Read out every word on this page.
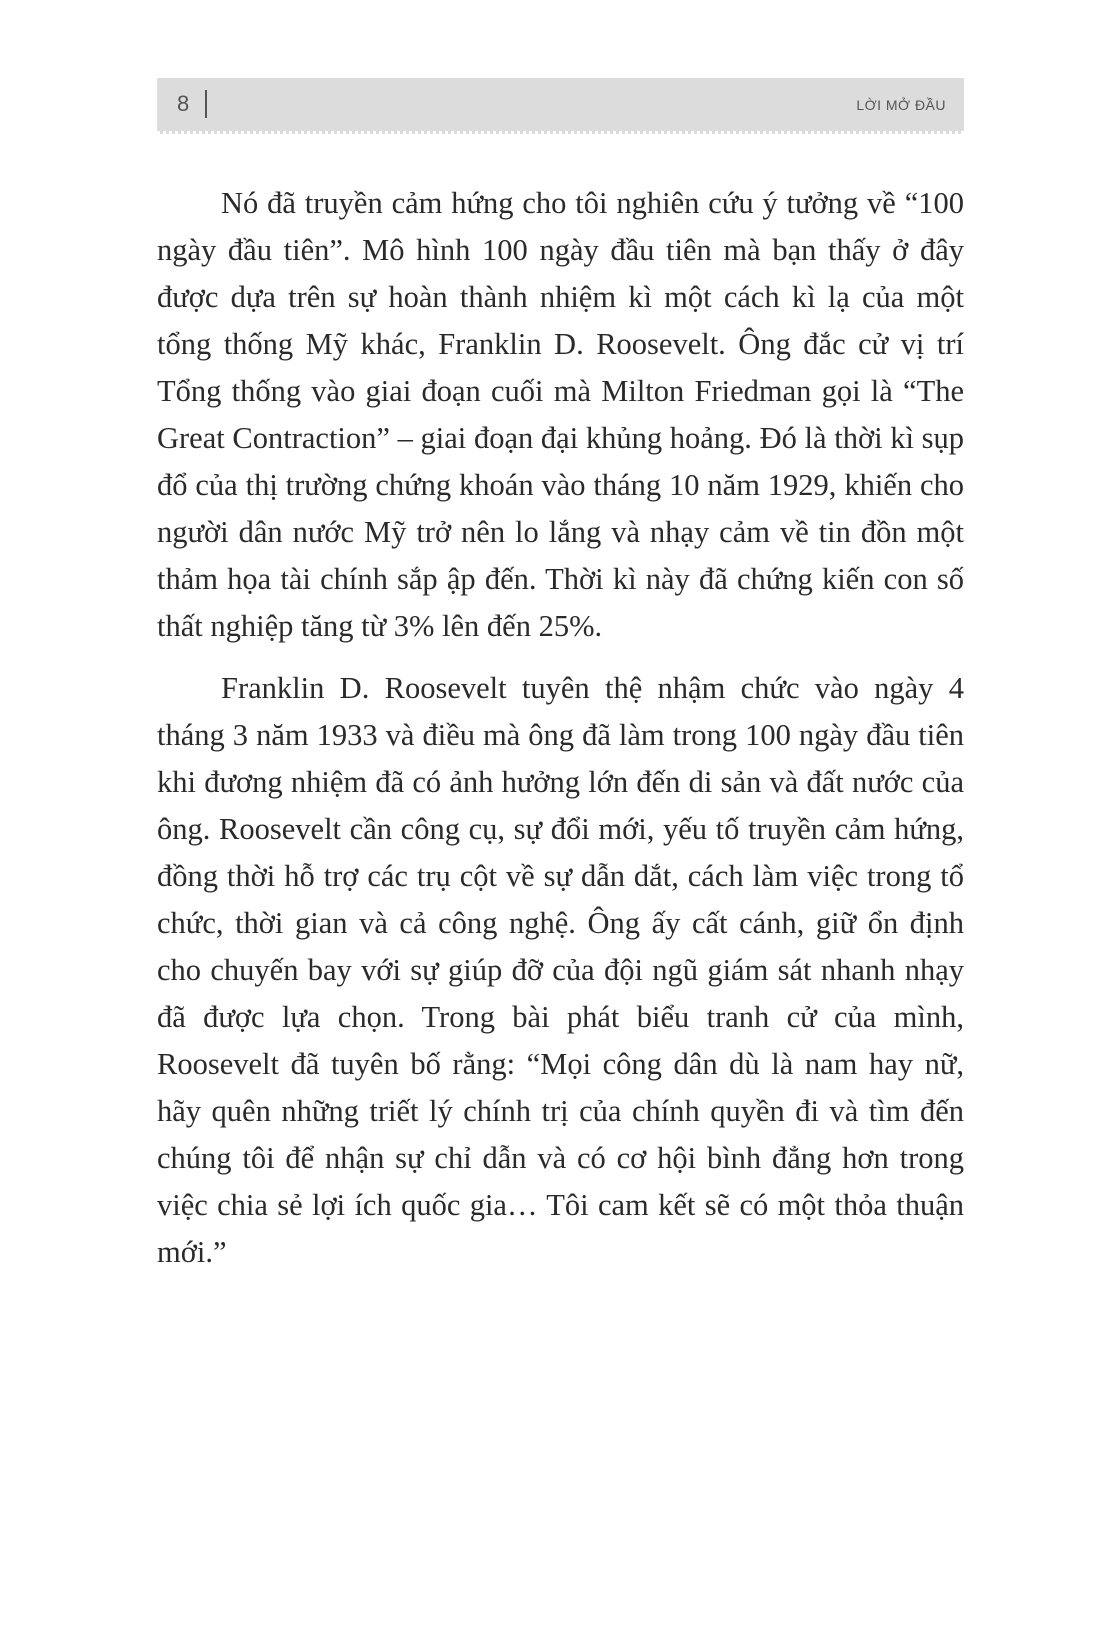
8	LỜI MỞ ĐẦU

Nó đã truyền cảm hứng cho tôi nghiên cứu ý tưởng về “100 ngày đầu tiên”. Mô hình 100 ngày đầu tiên mà bạn thấy ở đây được dựa trên sự hoàn thành nhiệm kì một cách kì lạ của một tổng thống Mỹ khác, Franklin D. Roosevelt. Ông đắc cử vị trí Tổng thống vào giai đoạn cuối mà Milton Friedman gọi là “The Great Contraction” – giai đoạn đại khủng hoảng. Đó là thời kì sụp đổ của thị trường chứng khoán vào tháng 10 năm 1929, khiến cho người dân nước Mỹ trở nên lo lắng và nhạy cảm về tin đồn một thảm họa tài chính sắp ập đến. Thời kì này đã chứng kiến con số thất nghiệp tăng từ 3% lên đến 25%.

Franklin D. Roosevelt tuyên thệ nhậm chức vào ngày 4 tháng 3 năm 1933 và điều mà ông đã làm trong 100 ngày đầu tiên khi đương nhiệm đã có ảnh hưởng lớn đến di sản và đất nước của ông. Roosevelt cần công cụ, sự đổi mới, yếu tố truyền cảm hứng, đồng thời hỗ trợ các trụ cột về sự dẫn dắt, cách làm việc trong tổ chức, thời gian và cả công nghệ. Ông ấy cất cánh, giữ ổn định cho chuyến bay với sự giúp đỡ của đội ngũ giám sát nhanh nhạy đã được lựa chọn. Trong bài phát biểu tranh cử của mình, Roosevelt đã tuyên bố rằng: “Mọi công dân dù là nam hay nữ, hãy quên những triết lý chính trị của chính quyền đi và tìm đến chúng tôi để nhận sự chỉ dẫn và có cơ hội bình đẳng hơn trong việc chia sẻ lợi ích quốc gia… Tôi cam kết sẽ có một thỏa thuận mới.”
